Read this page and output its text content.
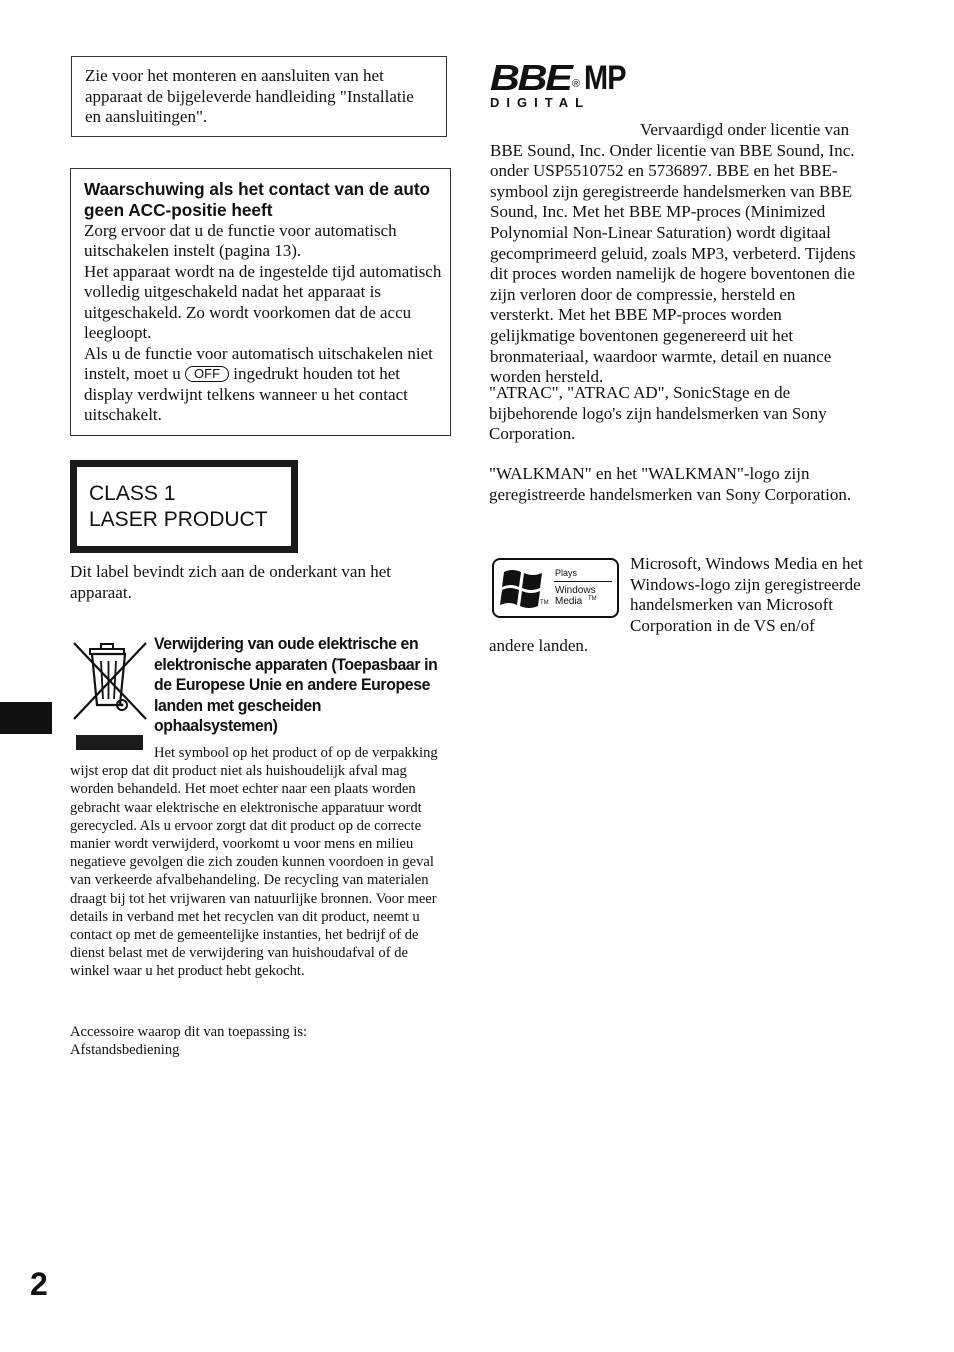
Zie voor het monteren en aansluiten van het apparaat de bijgeleverde handleiding "Installatie en aansluitingen".

Waarschuwing als het contact van de auto geen ACC-positie heeft

Zorg ervoor dat u de functie voor automatisch uitschakelen instelt (pagina 13).

Het apparaat wordt na de ingestelde tijd automatisch volledig uitgeschakeld nadat het apparaat is uitgeschakeld. Zo wordt voorkomen dat de accu leegloopt.

Als u de functie voor automatisch uitschakelen niet instelt, moet u OFF ingedrukt houden tot het display verdwijnt telkens wanneer u het contact uitschakelt.

CLASS 1
LASER PRODUCT

Dit label bevindt zich aan de onderkant van het apparaat.

Verwijdering van oude elektrische en elektronische apparaten (Toepasbaar in de Europese Unie en andere Europese landen met gescheiden ophaalsystemen)

Het symbool op het product of op de verpakking wijst erop dat dit product niet als huishoudelijk afval mag worden behandeld. Het moet echter naar een plaats worden gebracht waar elektrische en elektronische apparatuur wordt gerecycled. Als u ervoor zorgt dat dit product op de correcte manier wordt verwijderd, voorkomt u voor mens en milieu negatieve gevolgen die zich zouden kunnen voordoen in geval van verkeerde afvalbehandeling. De recycling van materialen draagt bij tot het vrijwaren van natuurlijke bronnen. Voor meer details in verband met het recyclen van dit product, neemt u contact op met de gemeentelijke instanties, het bedrijf of de dienst belast met de verwijdering van huishoudafval of de winkel waar u het product hebt gekocht.

Accessoire waarop dit van toepassing is: Afstandsbediening

2
BBE ® MP
DIGITAL

Vervaardigd onder licentie van BBE Sound, Inc. Onder licentie van BBE Sound, Inc. onder USP5510752 en 5736897. BBE en het BBE-symbool zijn geregistreerde handelsmerken van BBE Sound, Inc. Met het BBE MP-proces (Minimized Polynomial Non-Linear Saturation) wordt digitaal gecomprimeerd geluid, zoals MP3, verbeterd. Tijdens dit proces worden namelijk de hogere boventonen die zijn verloren door de compressie, hersteld en versterkt. Met het BBE MP-proces worden gelijkmatige boventonen gegenereerd uit het bronmateriaal, waardoor warmte, detail en nuance worden hersteld.

"ATRAC", "ATRAC AD", SonicStage en de bijbehorende logo's zijn handelsmerken van Sony Corporation.

"WALKMAN" en het "WALKMAN"-logo zijn geregistreerde handelsmerken van Sony Corporation.

Plays
Windows
Media TM
TM

Microsoft, Windows Media en het Windows-logo zijn geregistreerde handelsmerken van Microsoft Corporation in de VS en/of andere landen.
